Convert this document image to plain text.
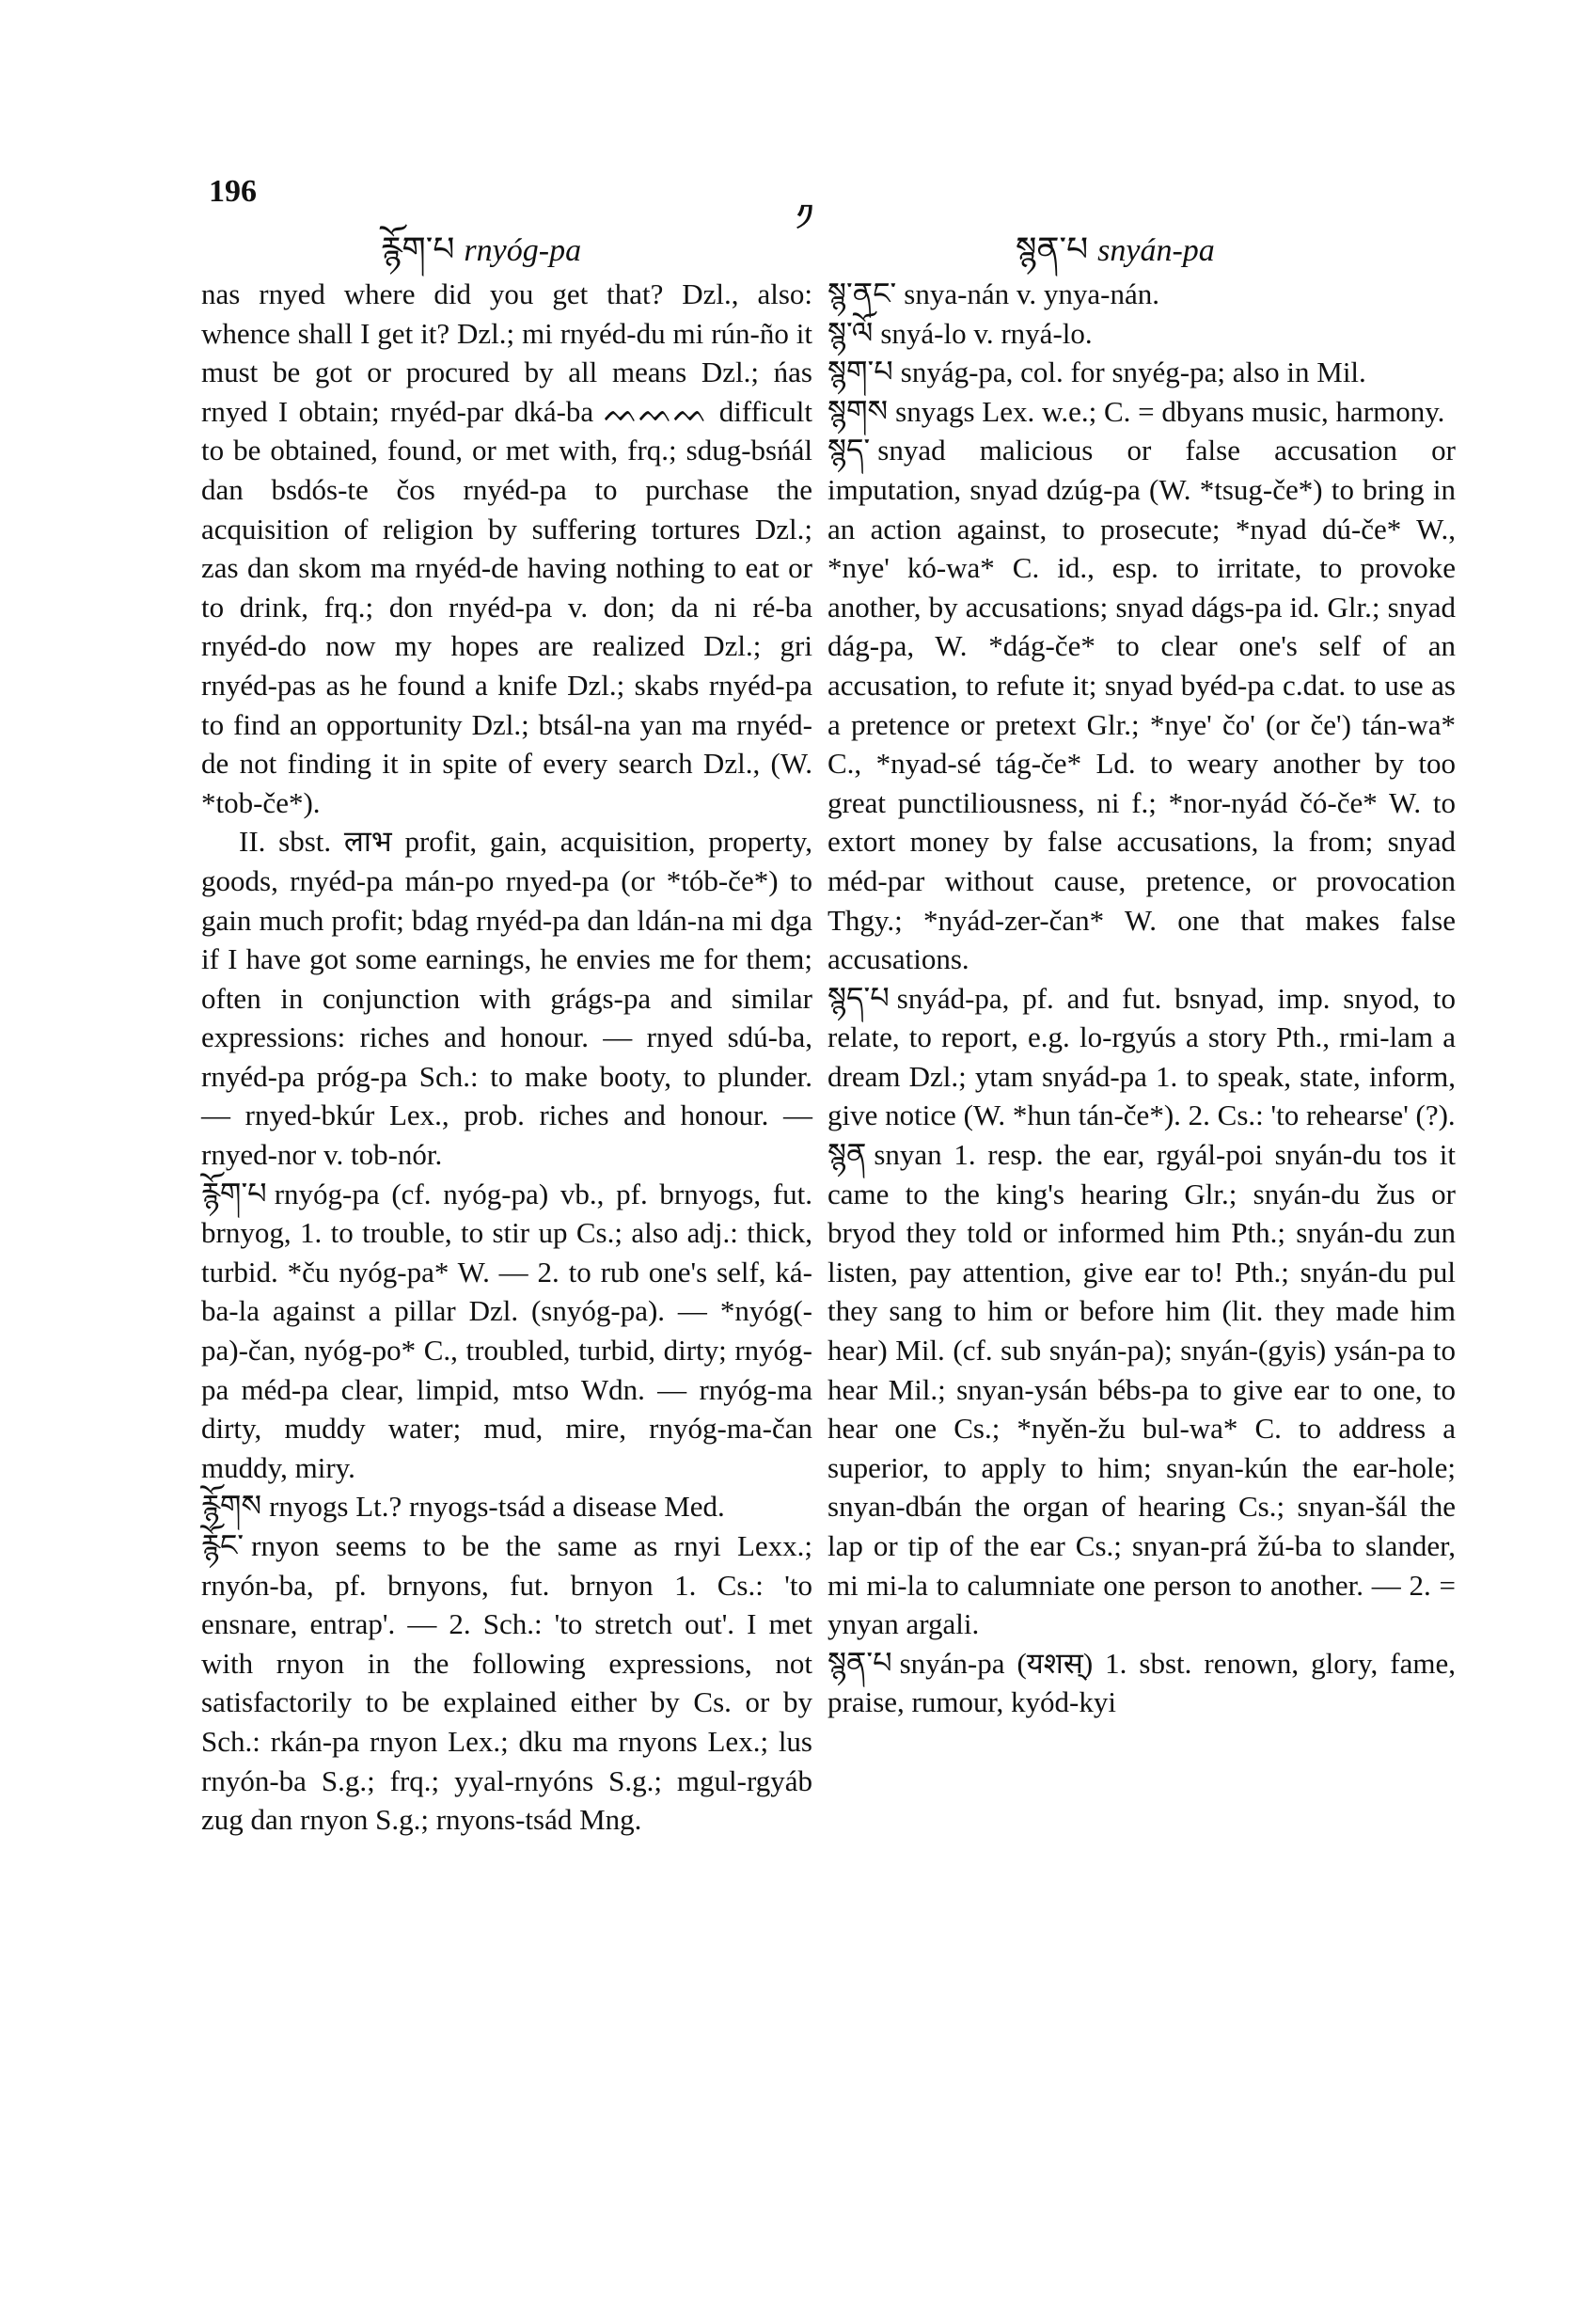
196
༡
རྙོག་པ rnyóg-pa	སྙན་པ snyán-pa

nas rnyed where did you get that? Dzl., also: whence shall I get it? Dzl.; mi rnyéd-du mi rún-ño it must be got or procured by all means Dzl.; ńas rnyed I obtain; rnyéd-par dká-ba ᨓᨓᨓ difficult to be obtained, found, or met with, frq.; sdug-bsńál dan bsdós-te čos rnyéd-pa to purchase the acquisition of religion by suffering tortures Dzl.; zas dan skom ma rnyéd-de having nothing to eat or to drink, frq.; don rnyéd-pa v. don; da ni ré-ba rnyéd-do now my hopes are realized Dzl.; gri rnyéd-pas as he found a knife Dzl.; skabs rnyéd-pa to find an opportunity Dzl.; btsál-na yan ma rnyéd-de not finding it in spite of every search Dzl., (W. *tob-če*).

II. sbst. लाभ profit, gain, acquisition, property, goods, rnyéd-pa mán-po rnyed-pa (or *tób-če*) to gain much profit; bdag rnyéd-pa dan ldán-na mi dga if I have got some earnings, he envies me for them; often in conjunction with grágs-pa and similar expressions: riches and honour. — rnyed sdú-ba, rnyéd-pa próg-pa Sch.: to make booty, to plunder. — rnyed-bkúr Lex., prob. riches and honour. — rnyed-nor v. tob-nór.

རྙོག་པ rnyóg-pa (cf. nyóg-pa) vb., pf. brnyogs, fut. brnyog, 1. to trouble, to stir up Cs.; also adj.: thick, turbid. *ču nyóg-pa* W. — 2. to rub one's self, ká-ba-la against a pillar Dzl. (snyóg-pa). — *nyóg(-pa)-čan, nyóg-po* C., troubled, turbid, dirty; rnyóg-pa méd-pa clear, limpid, mtso Wdn. — rnyóg-ma dirty, muddy water; mud, mire, rnyóg-ma-čan muddy, miry.

རྙོགས rnyogs Lt.? rnyogs-tsád a disease Med.

རྙོང་ rnyon seems to be the same as rnyi Lexx.; rnyón-ba, pf. brnyons, fut. brnyon 1. Cs.: 'to ensnare, entrap'. — 2. Sch.: 'to stretch out'. I met with rnyon in the following expressions, not satisfactorily to be explained either by Cs. or by Sch.: rkán-pa rnyon Lex.; dku ma rnyons Lex.; lus rnyón-ba S.g.; frq.; yyal-rnyóns S.g.; mgul-rgyáb zug dan rnyon S.g.; rnyons-tsád Mng.

སྙ་ནང་ snya-nán v. ynya-nán.

སྙ་ལོ snyá-lo v. rnyá-lo.

སྙག་པ snyág-pa, col. for snyég-pa; also in Mil.

སྙགས snyags Lex. w.e.; C. = dbyans music, harmony.

སྙད་ snyad malicious or false accusation or imputation, snyad dzúg-pa (W. *tsug-če*) to bring in an action against, to prosecute; *nyad dú-če* W., *nye' kó-wa* C. id., esp. to irritate, to provoke another, by accusations; snyad dágs-pa id. Glr.; snyad dág-pa, W. *dág-če* to clear one's self of an accusation, to refute it; snyad byéd-pa c.dat. to use as a pretence or pretext Glr.; *nye' čo' (or če') tán-wa* C., *nyad-sé tág-če* Ld. to weary another by too great punctiliousness, ni f.; *nor-nyád čó-če* W. to extort money by false accusations, la from; snyad méd-par without cause, pretence, or provocation Thgy.; *nyád-zer-čan* W. one that makes false accusations.

སྙད་པ snyád-pa, pf. and fut. bsnyad, imp. snyod, to relate, to report, e.g. lo-rgyús a story Pth., rmi-lam a dream Dzl.; ytam snyád-pa 1. to speak, state, inform, give notice (W. *hun tán-če*). 2. Cs.: 'to rehearse' (?).

སྙན snyan 1. resp. the ear, rgyál-poi snyán-du tos it came to the king's hearing Glr.; snyán-du žus or bryod they told or informed him Pth.; snyán-du zun listen, pay attention, give ear to! Pth.; snyán-du pul they sang to him or before him (lit. they made him hear) Mil. (cf. sub snyán-pa); snyán-(gyis) ysán-pa to hear Mil.; snyan-ysán bébs-pa to give ear to one, to hear one Cs.; *nyěn-žu bul-wa* C. to address a superior, to apply to him; snyan-kún the ear-hole; snyan-dbán the organ of hearing Cs.; snyan-šál the lap or tip of the ear Cs.; snyan-prá žú-ba to slander, mi mi-la to calumniate one person to another. — 2. = ynyan argali.

སྙན་པ snyán-pa (यशस्) 1. sbst. renown, glory, fame, praise, rumour, kyód-kyi
